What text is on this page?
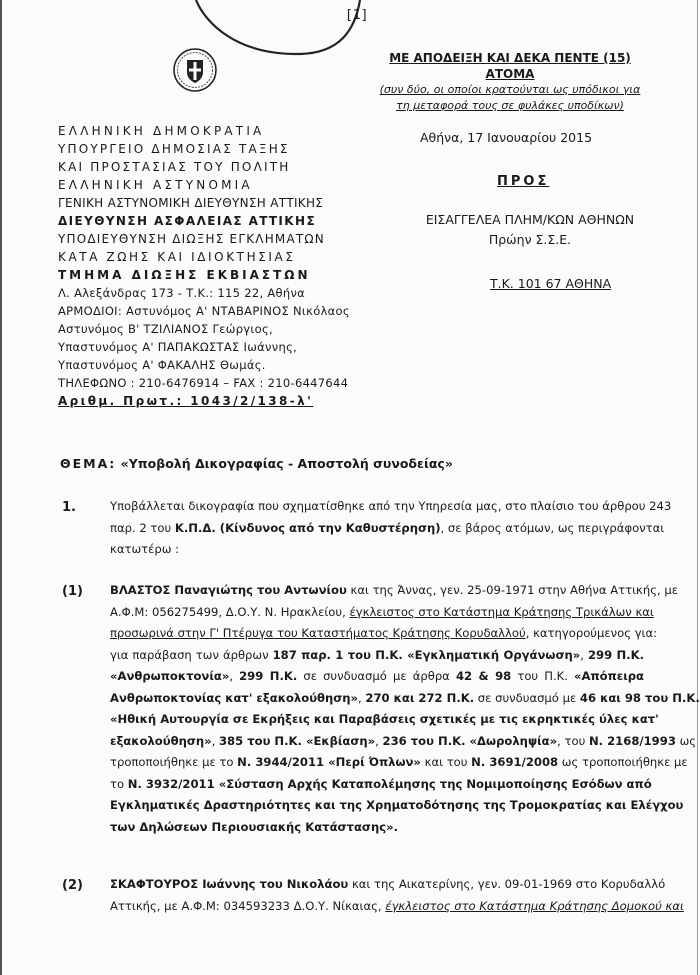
[1]
ΕΛΛΗΝΙΚΗ ΔΗΜΟΚΡΑΤΙΑ
ΥΠΟΥΡΓΕΙΟ ΔΗΜΟΣΙΑΣ ΤΑΞΗΣ
ΚΑΙ ΠΡΟΣΤΑΣΙΑΣ ΤΟΥ ΠΟΛΙΤΗ
ΕΛΛΗΝΙΚΗ ΑΣΤΥΝΟΜΙΑ
ΓΕΝΙΚΗ ΑΣΤΥΝΟΜΙΚΗ ΔΙΕΥΘΥΝΣΗ ΑΤΤΙΚΗΣ
ΔΙΕΥΘΥΝΣΗ ΑΣΦΑΛΕΙΑΣ ΑΤΤΙΚΗΣ
ΥΠΟΔΙΕΥΘΥΝΣΗ ΔΙΩΞΗΣ ΕΓΚΛΗΜΑΤΩΝ
ΚΑΤΑ ΖΩΗΣ ΚΑΙ ΙΔΙΟΚΤΗΣΙΑΣ
ΤΜΗΜΑ ΔΙΩΞΗΣ ΕΚΒΙΑΣΤΩΝ
Λ. Αλεξάνδρας 173 - Τ.Κ.: 115 22, Αθήνα
ΑΡΜΟΔΙΟΙ: Αστυνόμος Α' ΝΤΑΒΑΡΙΝΟΣ Νικόλαος
Αστυνόμος Β' ΤΖΙΛΙΑΝΟΣ Γεώργιος,
Υπαστυνόμος Α' ΠΑΠΑΚΩΣΤΑΣ Ιωάννης,
Υπαστυνόμος Α' ΦΑΚΑΛΗΣ Θωμάς.
ΤΗΛΕΦΩΝΟ : 210-6476914 – FAX : 210-6447644
Αριθμ. Πρωτ.: 1043/2/138-λ'
ΜΕ ΑΠΟΔΕΙΞΗ ΚΑΙ ΔΕΚΑ ΠΕΝΤΕ (15)
ΑΤΟΜΑ
(συν δύο, οι οποίοι κρατούνται ως υπόδικοι για
τη μεταφορά τους σε φυλάκες υποδίκων)
Αθήνα, 17 Ιανουαρίου 2015
ΠΡΟΣ
ΕΙΣΑΓΓΕΛΕΑ ΠΛΗΜ/ΚΩΝ ΑΘΗΝΩΝ
Πρώην Σ.Σ.Ε.
Τ.Κ. 101 67 ΑΘΗΝΑ
ΘΕΜΑ: «Υποβολή Δικογραφίας - Αποστολή συνοδείας»
1.	Υποβάλλεται δικογραφία που σχηματίσθηκε από την Υπηρεσία μας, στο πλαίσιο του άρθρου 243
παρ. 2 του Κ.Π.Δ. (Κίνδυνος από την Καθυστέρηση), σε βάρος ατόμων, ως περιγράφονται
κατωτέρω :
(1) ΒΛΑΣΤΟΣ Παναγιώτης του Αντωνίου και της Άννας, γεν. 25-09-1971 στην Αθήνα Αττικής, με
Α.Φ.Μ: 056275499, Δ.Ο.Υ. Ν. Ηρακλείου, έγκλειστος στο Κατάστημα Κράτησης Τρικάλων και
προσωρινά στην Γ' Πτέρυγα του Καταστήματος Κράτησης Κορυδαλλού, κατηγορούμενος για:
για παράβαση των άρθρων 187 παρ. 1 του Π.Κ. «Εγκληματική Οργάνωση», 299 Π.Κ.
«Ανθρωποκτονία», 299 Π.Κ. σε συνδυασμό με άρθρα 42 & 98 του Π.Κ. «Απόπειρα
Ανθρωποκτονίας κατ' εξακολούθηση», 270 και 272 Π.Κ. σε συνδυασμό με 46 και 98 του Π.Κ.
«Ηθική Αυτουργία σε Εκρήξεις και Παραβάσεις σχετικές με τις εκρηκτικές ύλες κατ'
εξακολούθηση», 385 του Π.Κ. «Εκβίαση», 236 του Π.Κ. «Δωροληψία», του Ν. 2168/1993 ως
τροποποιήθηκε με το Ν. 3944/2011 «Περί Όπλων» και του Ν. 3691/2008 ως τροποποιήθηκε με
το Ν. 3932/2011 «Σύσταση Αρχής Καταπολέμησης της Νομιμοποίησης Εσόδων από
Εγκληματικές Δραστηριότητες και της Χρηματοδότησης της Τρομοκρατίας και Ελέγχου
των Δηλώσεων Περιουσιακής Κατάστασης».
(2) ΣΚΑΦΤΟΥΡΟΣ Ιωάννης του Νικολάου και της Αικατερίνης, γεν. 09-01-1969 στο Κορυδαλλό
Αττικής, με Α.Φ.Μ: 034593233 Δ.Ο.Υ. Νίκαιας, έγκλειστος στο Κατάστημα Κράτησης Δομοκού και
